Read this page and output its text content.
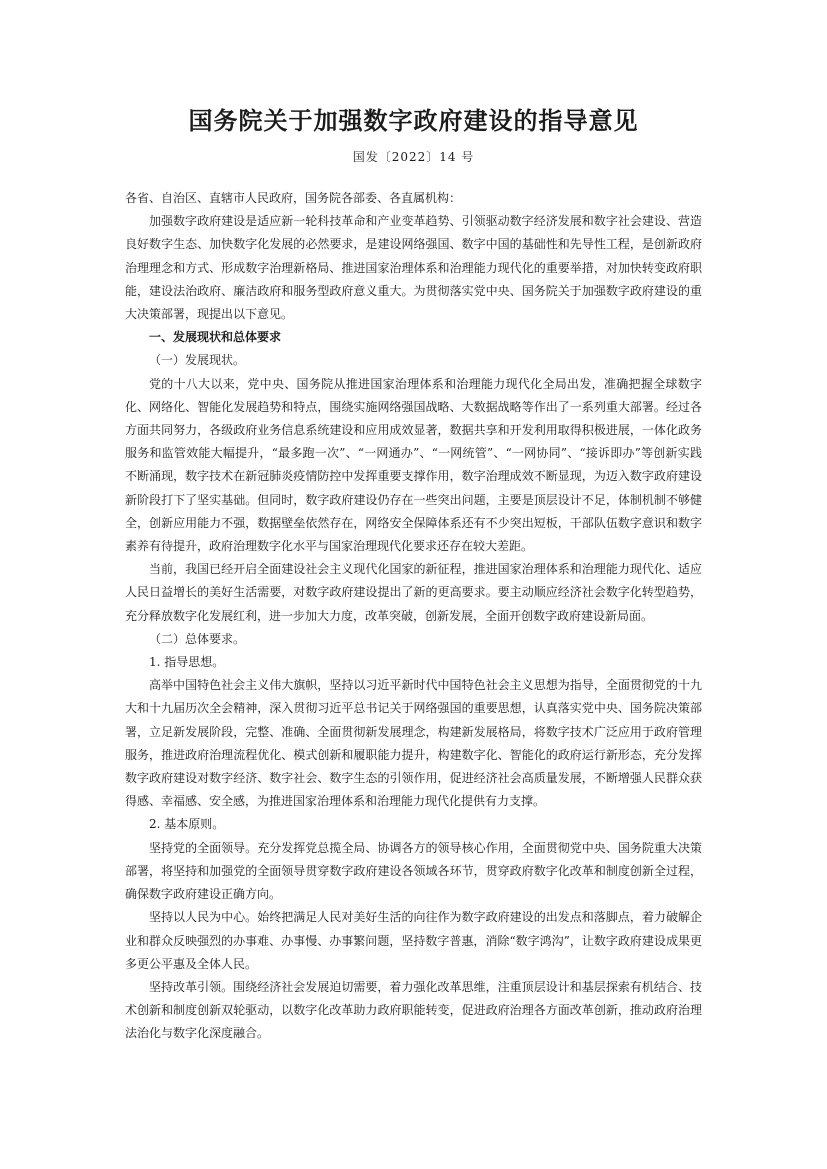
国务院关于加强数字政府建设的指导意见
国发〔2022〕14 号

各省、自治区、直辖市人民政府，国务院各部委、各直属机构：

加强数字政府建设是适应新一轮科技革命和产业变革趋势、引领驱动数字经济发展和数字社会建设、营造良好数字生态、加快数字化发展的必然要求，是建设网络强国、数字中国的基础性和先导性工程，是创新政府治理理念和方式、形成数字治理新格局、推进国家治理体系和治理能力现代化的重要举措，对加快转变政府职能，建设法治政府、廉洁政府和服务型政府意义重大。为贯彻落实党中央、国务院关于加强数字政府建设的重大决策部署，现提出以下意见。

一、发展现状和总体要求

（一）发展现状。

党的十八大以来，党中央、国务院从推进国家治理体系和治理能力现代化全局出发，准确把握全球数字化、网络化、智能化发展趋势和特点，围绕实施网络强国战略、大数据战略等作出了一系列重大部署。经过各方面共同努力，各级政府业务信息系统建设和应用成效显著，数据共享和开发利用取得积极进展，一体化政务服务和监管效能大幅提升，“最多跑一次”、“一网通办”、“一网统管”、“一网协同”、“接诉即办”等创新实践不断涌现，数字技术在新冠肺炎疫情防控中发挥重要支撑作用，数字治理成效不断显现，为迈入数字政府建设新阶段打下了坚实基础。但同时，数字政府建设仍存在一些突出问题，主要是顶层设计不足，体制机制不够健全，创新应用能力不强，数据壁垒依然存在，网络安全保障体系还有不少突出短板，干部队伍数字意识和数字素养有待提升，政府治理数字化水平与国家治理现代化要求还存在较大差距。

当前，我国已经开启全面建设社会主义现代化国家的新征程，推进国家治理体系和治理能力现代化、适应人民日益增长的美好生活需要，对数字政府建设提出了新的更高要求。要主动顺应经济社会数字化转型趋势，充分释放数字化发展红利，进一步加大力度，改革突破，创新发展，全面开创数字政府建设新局面。

（二）总体要求。

1. 指导思想。

高举中国特色社会主义伟大旗帜，坚持以习近平新时代中国特色社会主义思想为指导，全面贯彻党的十九大和十九届历次全会精神，深入贯彻习近平总书记关于网络强国的重要思想，认真落实党中央、国务院决策部署，立足新发展阶段，完整、准确、全面贯彻新发展理念，构建新发展格局，将数字技术广泛应用于政府管理服务，推进政府治理流程优化、模式创新和履职能力提升，构建数字化、智能化的政府运行新形态，充分发挥数字政府建设对数字经济、数字社会、数字生态的引领作用，促进经济社会高质量发展，不断增强人民群众获得感、幸福感、安全感，为推进国家治理体系和治理能力现代化提供有力支撑。

2. 基本原则。

坚持党的全面领导。充分发挥党总揽全局、协调各方的领导核心作用，全面贯彻党中央、国务院重大决策部署，将坚持和加强党的全面领导贯穿数字政府建设各领域各环节，贯穿政府数字化改革和制度创新全过程，确保数字政府建设正确方向。

坚持以人民为中心。始终把满足人民对美好生活的向往作为数字政府建设的出发点和落脚点，着力破解企业和群众反映强烈的办事难、办事慢、办事繁问题，坚持数字普惠，消除“数字鸿沟”，让数字政府建设成果更多更公平惠及全体人民。

坚持改革引领。围绕经济社会发展迫切需要，着力强化改革思维，注重顶层设计和基层探索有机结合、技术创新和制度创新双轮驱动，以数字化改革助力政府职能转变，促进政府治理各方面改革创新，推动政府治理法治化与数字化深度融合。
